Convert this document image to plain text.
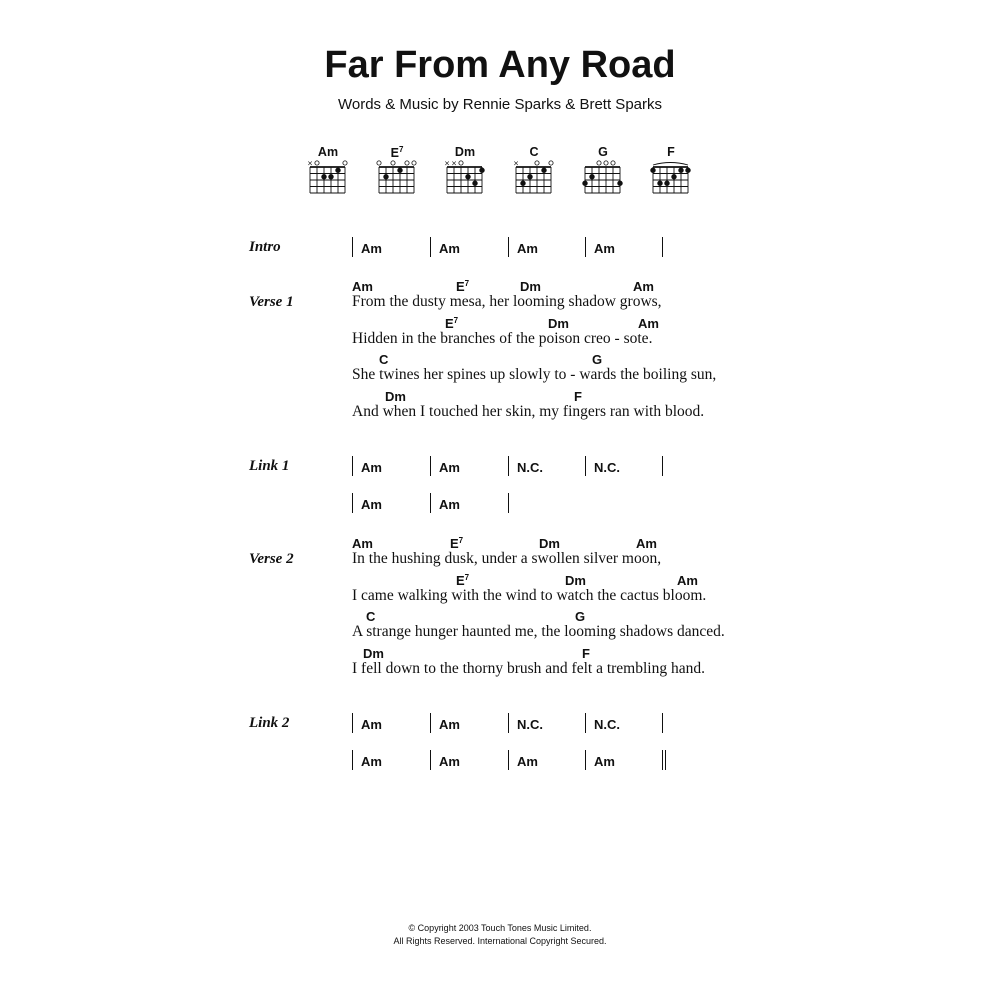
Far From Any Road
Words & Music by Rennie Sparks & Brett Sparks
Am
×
$E^7$	Dm
× ×
C
×
G	F
Intro	Am	Am	Am	Am
Verse 1	From the dusty mesa, her looming shadow grows,
Am	$E^7$	Dm	Am
Hidden in the branches of the poison creo - sote.
$E^7$	Dm	Am
She twines her spines up slowly to - wards the boiling sun,
C	G
And when I touched her skin, my fingers ran with blood.
Dm	F
Link 1	Am	Am	N.C.	N.C.
Am	Am
Verse 2	In the hushing dusk, under a swollen silver moon,
Am	$E^7$	Dm	Am
I came walking with the wind to watch the cactus bloom.
$E^7$	Dm	Am
A strange hunger haunted me, the looming shadows danced.
C	G
I fell down to the thorny brush and felt a trembling hand.
Dm	F
Link 2	Am	Am	N.C.	N.C.
Am	Am	Am	Am
© Copyright 2003 Touch Tones Music Limited.
All Rights Reserved. International Copyright Secured.
